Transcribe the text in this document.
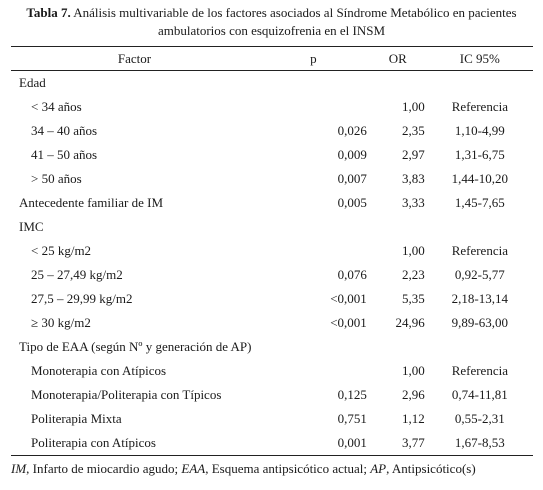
Tabla 7. Análisis multivariable de los factores asociados al Síndrome Metabólico en pacientes ambulatorios con esquizofrenia en el INSM
Factor	p	OR	IC 95%
Edad			
< 34 años		1,00	Referencia
34 – 40 años	0,026	2,35	1,10-4,99
41 – 50 años	0,009	2,97	1,31-6,75
> 50 años	0,007	3,83	1,44-10,20
Antecedente familiar de IM	0,005	3,33	1,45-7,65
IMC			
< 25 kg/m2		1,00	Referencia
25 – 27,49 kg/m2	0,076	2,23	0,92-5,77
27,5 – 29,99 kg/m2	<0,001	5,35	2,18-13,14
≥ 30 kg/m2	<0,001	24,96	9,89-63,00
Tipo de EAA (según Nº y generación de AP)			
Monoterapia con Atípicos		1,00	Referencia
Monoterapia/Politerapia con Típicos	0,125	2,96	0,74-11,81
Politerapia Mixta	0,751	1,12	0,55-2,31
Politerapia con Atípicos	0,001	3,77	1,67-8,53
IM, Infarto de miocardio agudo; EAA, Esquema antipsicótico actual; AP, Antipsicótico(s)
